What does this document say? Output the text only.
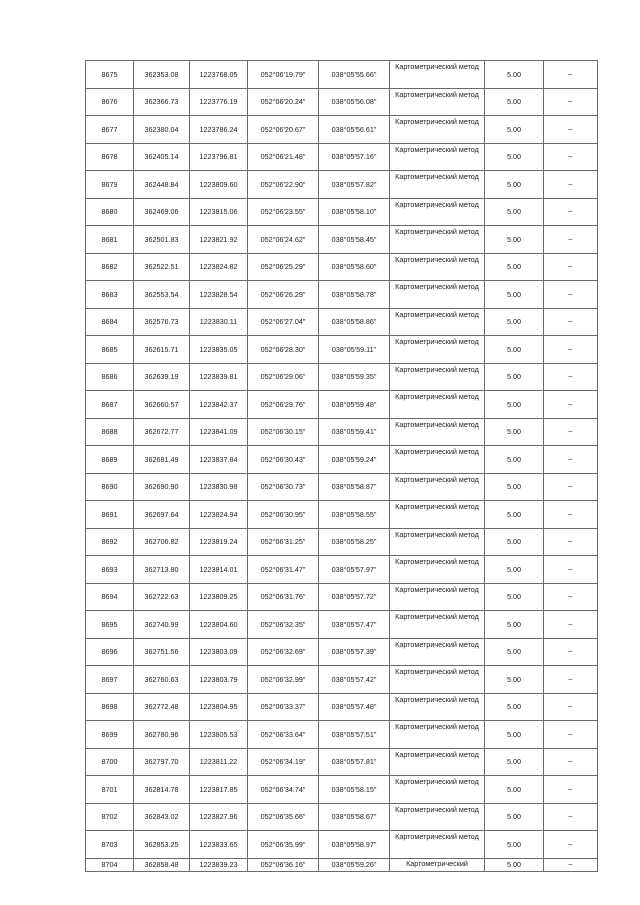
8675	362353.08	1223768.05	052°06'19.79"	038°05'55.66"	Картометрический метод	5.00	–
8676	362366.73	1223776.19	052°06'20.24"	038°05'56.08"	Картометрический метод	5.00	–
8677	362380.04	1223786.24	052°06'20.67"	038°05'56.61"	Картометрический метод	5.00	–
8678	362405.14	1223796.81	052°06'21.48"	038°05'57.16"	Картометрический метод	5.00	–
8679	362448.84	1223809.60	052°06'22.90"	038°05'57.82"	Картометрический метод	5.00	–
8680	362469.06	1223815.06	052°06'23.55"	038°05'58.10"	Картометрический метод	5.00	–
8681	362501.83	1223821.92	052°06'24.62"	038°05'58.45"	Картометрический метод	5.00	–
8682	362522.51	1223824.82	052°06'25.29"	038°05'58.60"	Картометрический метод	5.00	–
8683	362553.54	1223828.54	052°06'26.29"	038°05'58.78"	Картометрический метод	5.00	–
8684	362576.73	1223830.11	052°06'27.04"	038°05'58.86"	Картометрический метод	5.00	–
8685	362615.71	1223835.05	052°06'28.30"	038°05'59.11"	Картометрический метод	5.00	–
8686	362639.19	1223839.81	052°06'29.06"	038°05'59.35"	Картометрический метод	5.00	–
8687	362660.57	1223842.37	052°06'29.76"	038°05'59.48"	Картометрический метод	5.00	–
8688	362672.77	1223841.09	052°06'30.15"	038°05'59.41"	Картометрический метод	5.00	–
8689	362681.49	1223837.84	052°06'30.43"	038°05'59.24"	Картометрический метод	5.00	–
8690	362690.90	1223830.98	052°06'30.73"	038°05'58.87"	Картометрический метод	5.00	–
8691	362697.64	1223824.94	052°06'30.95"	038°05'58.55"	Картометрический метод	5.00	–
8692	362706.82	1223819.24	052°06'31.25"	038°05'58.25"	Картометрический метод	5.00	–
8693	362713.80	1223814.01	052°06'31.47"	038°05'57.97"	Картометрический метод	5.00	–
8694	362722.63	1223809.25	052°06'31.76"	038°05'57.72"	Картометрический метод	5.00	–
8695	362740.99	1223804.60	052°06'32.35"	038°05'57.47"	Картометрический метод	5.00	–
8696	362751.56	1223803.09	052°06'32.69"	038°05'57.39"	Картометрический метод	5.00	–
8697	362760.63	1223803.79	052°06'32.99"	038°05'57.42"	Картометрический метод	5.00	–
8698	362772.48	1223804.95	052°06'33.37"	038°05'57.48"	Картометрический метод	5.00	–
8699	362780.96	1223805.53	052°06'33.64"	038°05'57.51"	Картометрический метод	5.00	–
8700	362797.70	1223811.22	052°06'34.19"	038°05'57.81"	Картометрический метод	5.00	–
8701	362814.78	1223817.85	052°06'34.74"	038°05'58.15"	Картометрический метод	5.00	–
8702	362843.02	1223827.96	052°06'35.66"	038°05'58.67"	Картометрический метод	5.00	–
8703	362853.25	1223833.65	052°06'35.99"	038°05'58.97"	Картометрический метод	5.00	–
8704	362858.48	1223839.23	052°06'36.16"	038°05'59.26"	Картометрический	5.00	–
